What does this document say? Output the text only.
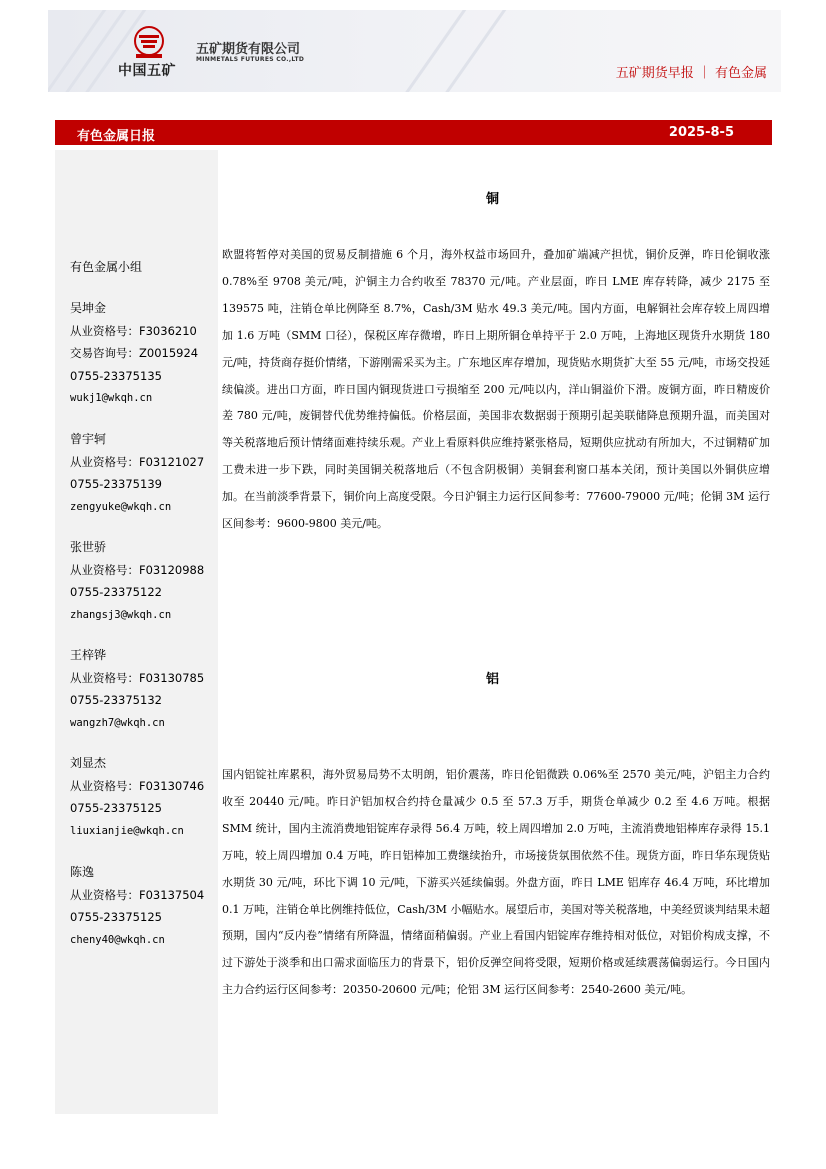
中国五矿
五矿期货有限公司
MINMETALS FUTURES CO.,LTD
五矿期货早报 ｜ 有色金属
有色金属日报	2025-8-5
有色金属小组
吴坤金
从业资格号：F3036210
交易咨询号：Z0015924
0755-23375135
wukj1@wkqh.cn
曾宇轲
从业资格号：F03121027
0755-23375139
zengyuke@wkqh.cn
张世骄
从业资格号：F03120988
0755-23375122
zhangsj3@wkqh.cn
王梓铧
从业资格号：F03130785
0755-23375132
wangzh7@wkqh.cn
刘显杰
从业资格号：F03130746
0755-23375125
liuxianjie@wkqh.cn
陈逸
从业资格号：F03137504
0755-23375125
cheny40@wkqh.cn
铜

欧盟将暂停对美国的贸易反制措施 6 个月，海外权益市场回升，叠加矿端减产担忧，铜价反弹，昨日伦铜收涨 0.78%至 9708 美元/吨，沪铜主力合约收至 78370 元/吨。产业层面，昨日 LME 库存转降，减少 2175 至 139575 吨，注销仓单比例降至 8.7%，Cash/3M 贴水 49.3 美元/吨。国内方面，电解铜社会库存较上周四增加 1.6 万吨（SMM 口径），保税区库存微增，昨日上期所铜仓单持平于 2.0 万吨，上海地区现货升水期货 180 元/吨，持货商存挺价情绪，下游刚需采买为主。广东地区库存增加，现货贴水期货扩大至 55 元/吨，市场交投延续偏淡。进出口方面，昨日国内铜现货进口亏损缩至 200 元/吨以内，洋山铜溢价下滑。废铜方面，昨日精废价差 780 元/吨，废铜替代优势维持偏低。价格层面，美国非农数据弱于预期引起美联储降息预期升温，而美国对等关税落地后预计情绪面难持续乐观。产业上看原料供应维持紧张格局，短期供应扰动有所加大，不过铜精矿加工费未进一步下跌，同时美国铜关税落地后（不包含阴极铜）美铜套利窗口基本关闭，预计美国以外铜供应增加。在当前淡季背景下，铜价向上高度受限。今日沪铜主力运行区间参考：77600-79000 元/吨；伦铜 3M 运行区间参考：9600-9800 美元/吨。

铝

国内铝锭社库累积，海外贸易局势不太明朗，铝价震荡，昨日伦铝微跌 0.06%至 2570 美元/吨，沪铝主力合约收至 20440 元/吨。昨日沪铝加权合约持仓量减少 0.5 至 57.3 万手，期货仓单减少 0.2 至 4.6 万吨。根据 SMM 统计，国内主流消费地铝锭库存录得 56.4 万吨，较上周四增加 2.0 万吨，主流消费地铝棒库存录得 15.1 万吨，较上周四增加 0.4 万吨，昨日铝棒加工费继续抬升，市场接货氛围依然不佳。现货方面，昨日华东现货贴水期货 30 元/吨，环比下调 10 元/吨，下游买兴延续偏弱。外盘方面，昨日 LME 铝库存 46.4 万吨，环比增加 0.1 万吨，注销仓单比例维持低位，Cash/3M 小幅贴水。展望后市，美国对等关税落地，中美经贸谈判结果未超预期，国内“反内卷”情绪有所降温，情绪面稍偏弱。产业上看国内铝锭库存维持相对低位，对铝价构成支撑，不过下游处于淡季和出口需求面临压力的背景下，铝价反弹空间将受限，短期价格或延续震荡偏弱运行。今日国内主力合约运行区间参考：20350-20600 元/吨；伦铝 3M 运行区间参考：2540-2600 美元/吨。
